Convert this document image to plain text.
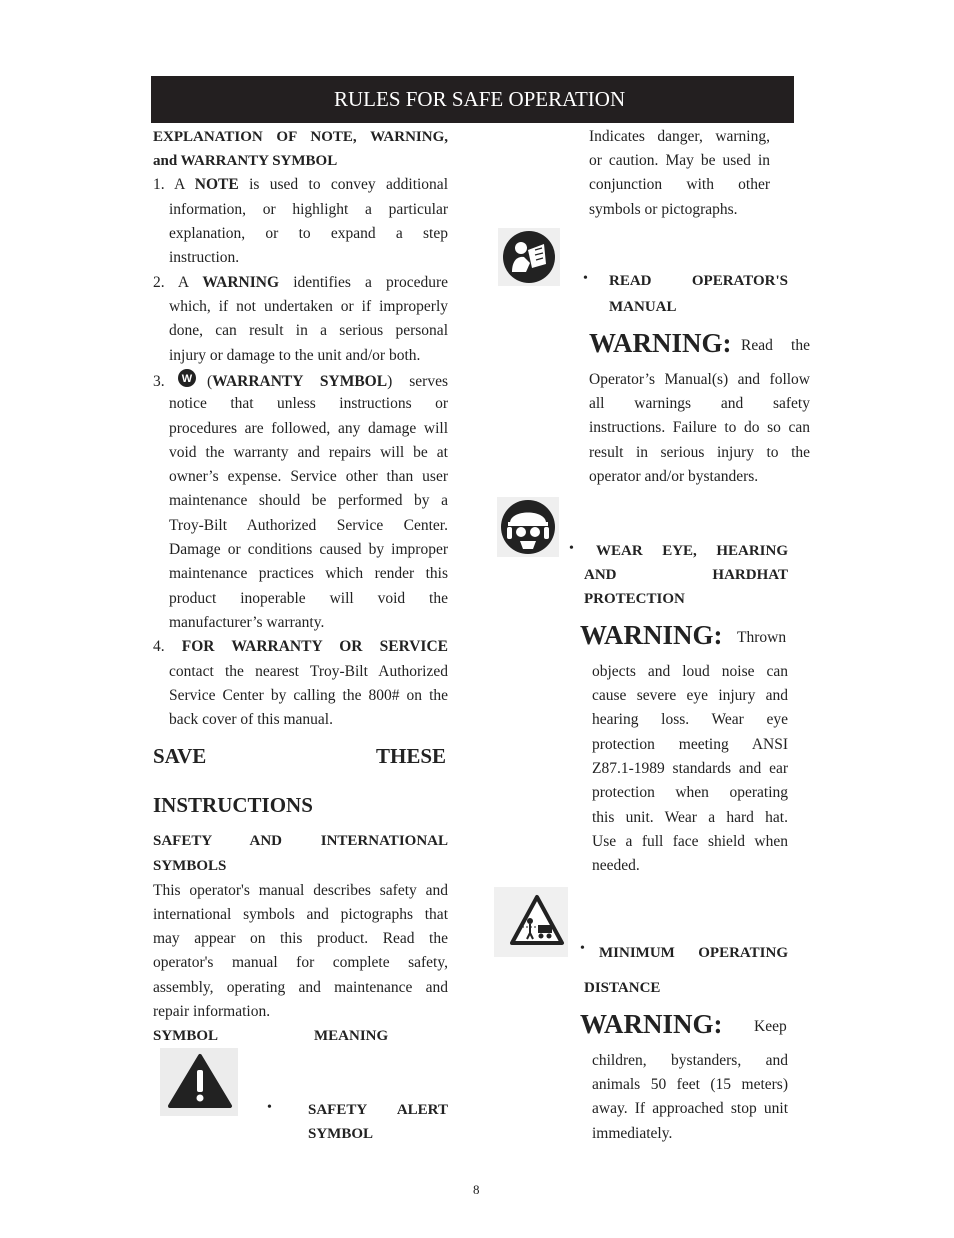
RULES FOR SAFE OPERATION
EXPLANATION OF NOTE, WARNING,
and WARRANTY SYMBOL
1. A NOTE is used to convey additional
information, or highlight a particular
explanation, or to expand a step
instruction.
2. A WARNING identifies a procedure
which, if not undertaken or if improperly
done, can result in a serious personal
injury or damage to the unit and/or both.
3. W (WARRANTY SYMBOL) serves
notice that unless instructions or
procedures are followed, any damage will
void the warranty and repairs will be at
owner’s expense. Service other than user
maintenance should be performed by a
Troy-Bilt Authorized Service Center.
Damage or conditions caused by improper
maintenance practices which render this
product inoperable will void the
manufacturer’s warranty.
4. FOR WARRANTY OR SERVICE
contact the nearest Troy-Bilt Authorized
Service Center by calling the 800# on the
back cover of this manual.
SAVE	THESE
INSTRUCTIONS
SAFETY AND INTERNATIONAL
SYMBOLS
This operator's manual describes safety and
international symbols and pictographs that
may appear on this product. Read the
operator's manual for complete safety,
assembly, operating and maintenance and
repair information.
SYMBOL	MEANING
• SAFETY ALERT
SYMBOL
Indicates danger, warning,
or caution. May be used in
conjunction with other
symbols or pictographs.
• READ OPERATOR'S
MANUAL
WARNING: Read the
Operator’s Manual(s) and follow
all warnings and safety
instructions. Failure to do so can
result in serious injury to the
operator and/or bystanders.
• WEAR EYE, HEARING
AND HARDHAT
PROTECTION
WARNING: Thrown
objects and loud noise can
cause severe eye injury and
hearing loss. Wear eye
protection meeting ANSI
Z87.1-1989 standards and ear
protection when operating
this unit. Wear a hard hat.
Use a full face shield when
needed.
• MINIMUM OPERATING
DISTANCE
WARNING: Keep
children, bystanders, and
animals 50 feet (15 meters)
away. If approached stop unit
immediately.
8
